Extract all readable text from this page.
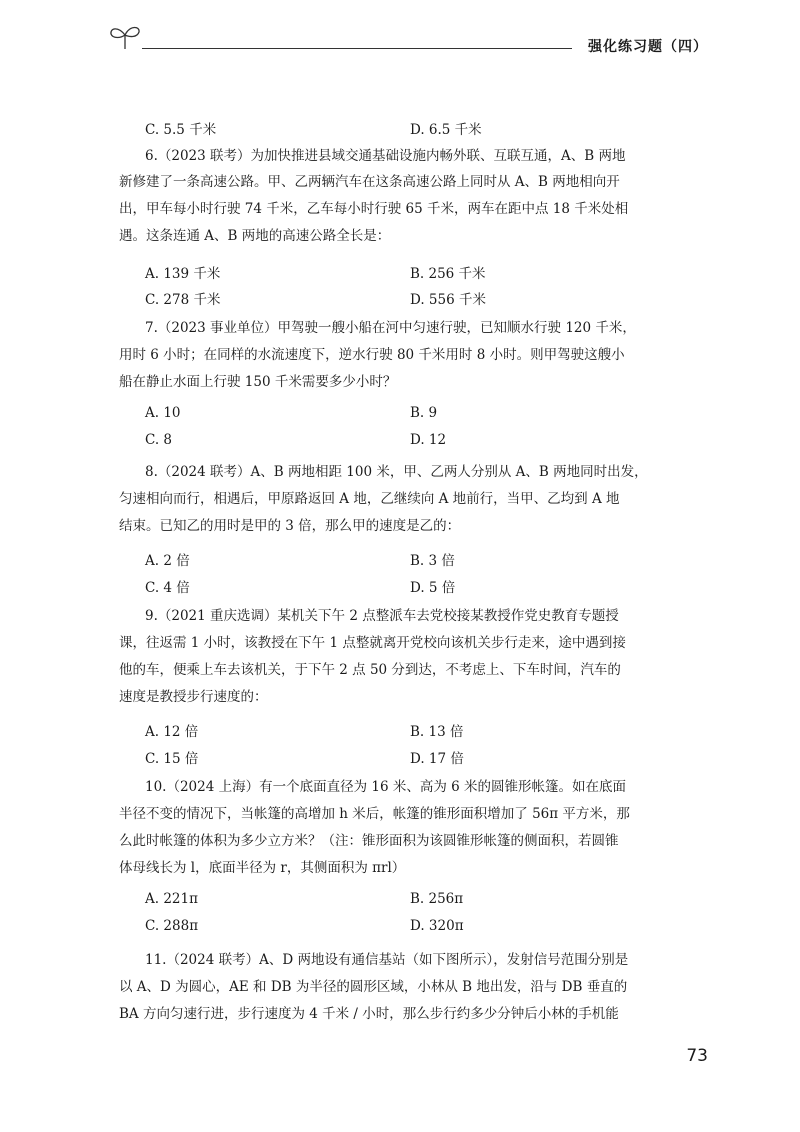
强化练习题（四）
C. 5.5 千米	D. 6.5 千米
6.（2023 联考）为加快推进县域交通基础设施内畅外联、互联互通，A、B 两地
新修建了一条高速公路。甲、乙两辆汽车在这条高速公路上同时从 A、B 两地相向开
出，甲车每小时行驶 74 千米，乙车每小时行驶 65 千米，两车在距中点 18 千米处相
遇。这条连通 A、B 两地的高速公路全长是：
A. 139 千米	B. 256 千米
C. 278 千米	D. 556 千米
7.（2023 事业单位）甲驾驶一艘小船在河中匀速行驶，已知顺水行驶 120 千米，
用时 6 小时；在同样的水流速度下，逆水行驶 80 千米用时 8 小时。则甲驾驶这艘小
船在静止水面上行驶 150 千米需要多少小时？
A. 10	B. 9
C. 8	D. 12
8.（2024 联考）A、B 两地相距 100 米，甲、乙两人分别从 A、B 两地同时出发，
匀速相向而行，相遇后，甲原路返回 A 地，乙继续向 A 地前行，当甲、乙均到 A 地
结束。已知乙的用时是甲的 3 倍，那么甲的速度是乙的：
A. 2 倍	B. 3 倍
C. 4 倍	D. 5 倍
9.（2021 重庆选调）某机关下午 2 点整派车去党校接某教授作党史教育专题授
课，往返需 1 小时，该教授在下午 1 点整就离开党校向该机关步行走来，途中遇到接
他的车，便乘上车去该机关，于下午 2 点 50 分到达，不考虑上、下车时间，汽车的
速度是教授步行速度的：
A. 12 倍	B. 13 倍
C. 15 倍	D. 17 倍
10.（2024 上海）有一个底面直径为 16 米、高为 6 米的圆锥形帐篷。如在底面
半径不变的情况下，当帐篷的高增加 h 米后，帐篷的锥形面积增加了 56π 平方米，那
么此时帐篷的体积为多少立方米？（注：锥形面积为该圆锥形帐篷的侧面积，若圆锥
体母线长为 l，底面半径为 r，其侧面积为 πrl）
A. 221π	B. 256π
C. 288π	D. 320π
11.（2024 联考）A、D 两地设有通信基站（如下图所示），发射信号范围分别是
以 A、D 为圆心，AE 和 DB 为半径的圆形区域，小林从 B 地出发，沿与 DB 垂直的
BA 方向匀速行进，步行速度为 4 千米 / 小时，那么步行约多少分钟后小林的手机能
73
